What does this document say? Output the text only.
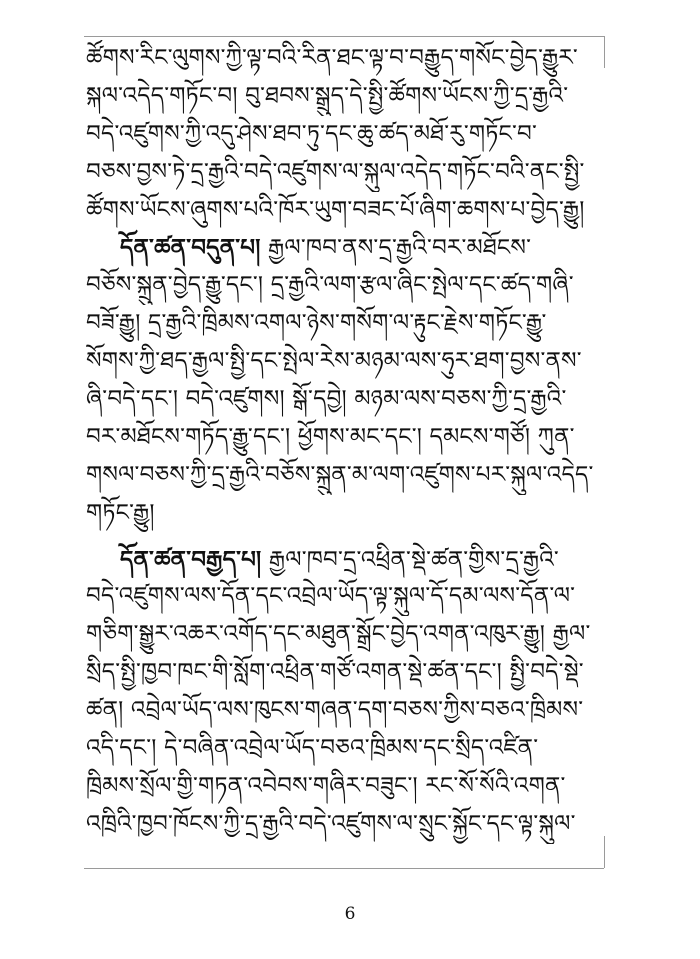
ཚོགས་རིང་ལུགས་ཀྱི་ལྟ་བའི་རིན་ཐང་ལྟ་བ་བརྒྱུད་གསོང་བྱེད་རྒྱུར་
སྐལ་འདེད་གཏོང་བ། བུ་ཐབས་སྒྲུད་དེ་སྤྱི་ཚོགས་ཡོངས་ཀྱི་དྲ་རྒྱའི་
བདེ་འཛུགས་ཀྱི་འདུ་ཤེས་ཐབ་ཏུ་དང་ཆུ་ཚད་མཐོ་རུ་གཏོང་བ་
བཅས་བྱས་ཏེ་དྲ་རྒྱའི་བདེ་འཛུགས་ལ་སྐུལ་འདེད་གཏོང་བའི་ནང་སྤྱི་
ཚོགས་ཡོངས་ཞུགས་པའི་ཁོར་ཡུག་བཟང་པོ་ཞིག་ཆགས་པ་བྱེད་རྒྱུ།
དོན་ཚན་བདུན་པ། རྒྱལ་ཁབ་ནས་དྲ་རྒྱའི་བར་མཐོངས་
བཅོས་སྐྲུན་བྱེད་རྒྱུ་དང་། དྲ་རྒྱའི་ལག་རྩལ་ཞིང་སྤེལ་དང་ཚད་གཞི་
བཟོ་རྒྱུ། དྲ་རྒྱའི་ཁྲིམས་འགལ་ཉེས་གསོག་ལ་རྟུང་རྗེས་གཏོང་རྒྱུ་
སོགས་ཀྱི་ཐད་རྒྱལ་སྤྱི་དང་སྤེལ་རེས་མཉམ་ལས་ཧུར་ཐག་བྱས་ནས་
ཞི་བདེ་དང་། བདེ་འཛུགས། སྒོ་དབྱེ། མཉམ་ལས་བཅས་ཀྱི་དྲ་རྒྱའི་
བར་མཐོངས་གཏོད་རྒྱུ་དང་། ཕྱོགས་མང་དང་། དམངས་གཙོ། ཀུན་
གསལ་བཅས་ཀྱི་དྲ་རྒྱའི་བཅོས་སྐྲུན་མ་ལག་འཛུགས་པར་སྐུལ་འདེད་
གཏོང་རྒྱུ།
དོན་ཚན་བརྒྱད་པ། རྒྱལ་ཁབ་དྲ་འཕྲིན་སྡེ་ཚན་གྱིས་དྲ་རྒྱའི་
བདེ་འཛུགས་ལས་དོན་དང་འབྲེལ་ཡོད་ལྟ་སྐུལ་དོ་དམ་ལས་དོན་ལ་
གཅིག་སྒྱུར་འཆར་འགོད་དང་མཐུན་སྒྲོང་བྱེད་འགན་འཁུར་རྒྱུ། རྒྱལ་
སྲིད་སྤྱི་ཁྱབ་ཁང་གི་སློག་འཕྲིན་གཙོ་འགན་སྡེ་ཚན་དང་། སྤྱི་བདེ་སྡེ་
ཚན། འབྲེལ་ཡོད་ལས་ཁུངས་གཞན་དག་བཅས་ཀྱིས་བཅའ་ཁྲིམས་
འདི་དང་། དེ་བཞིན་འབྲེལ་ཡོད་བཅའ་ཁྲིམས་དང་སྲིད་འཛིན་
ཁྲིམས་སྲོལ་གྱི་གཏན་འབེབས་གཞིར་བཟུང་། རང་སོ་སོའི་འགན་
འཁྲིའི་ཁྱབ་ཁོངས་ཀྱི་དྲ་རྒྱའི་བདེ་འཛུགས་ལ་སྲུང་སྐྱོང་དང་ལྟ་སྐུལ་
6
